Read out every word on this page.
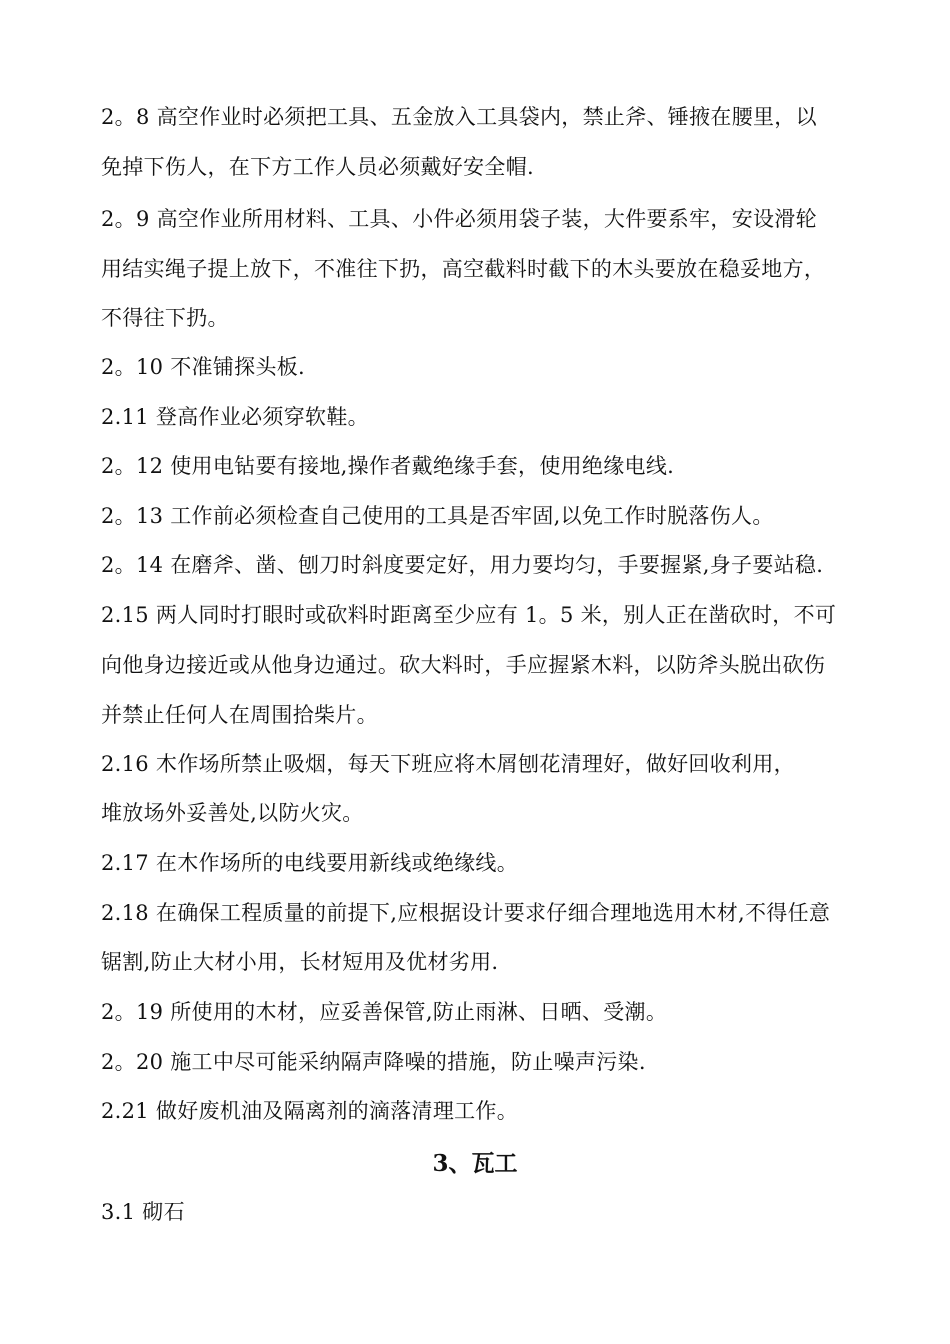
2。8 高空作业时必须把工具、五金放入工具袋内，禁止斧、锤掖在腰里，以
免掉下伤人，在下方工作人员必须戴好安全帽.
2。9 高空作业所用材料、工具、小件必须用袋子装，大件要系牢，安设滑轮
用结实绳子提上放下，不准往下扔，高空截料时截下的木头要放在稳妥地方，
不得往下扔。
2。10 不准铺探头板.
2.11 登高作业必须穿软鞋。
2。12 使用电钻要有接地,操作者戴绝缘手套，使用绝缘电线.
2。13 工作前必须检查自己使用的工具是否牢固,以免工作时脱落伤人。
2。14 在磨斧、凿、刨刀时斜度要定好，用力要均匀，手要握紧,身子要站稳.
2.15 两人同时打眼时或砍料时距离至少应有 1。5 米，别人正在凿砍时，不可
向他身边接近或从他身边通过。砍大料时，手应握紧木料，以防斧头脱出砍伤
并禁止任何人在周围拾柴片。
2.16 木作场所禁止吸烟，每天下班应将木屑刨花清理好，做好回收利用，
堆放场外妥善处,以防火灾。
2.17 在木作场所的电线要用新线或绝缘线。
2.18 在确保工程质量的前提下,应根据设计要求仔细合理地选用木材,不得任意
锯割,防止大材小用，长材短用及优材劣用.
2。19 所使用的木材，应妥善保管,防止雨淋、日晒、受潮。
2。20 施工中尽可能采纳隔声降噪的措施，防止噪声污染.
2.21 做好废机油及隔离剂的滴落清理工作。
3、瓦工
3.1 砌石
